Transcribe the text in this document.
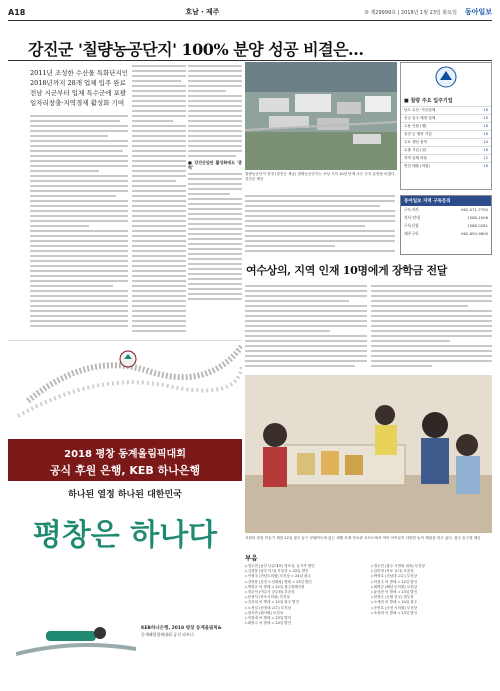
A18	호남・제주	⑤ 제29999호 | 2018년 1월 23일 화요일 동아일보
강진군 '칠량농공단지' 100% 분양 성공 비결은…
2011년 조성한 수산물 특화단지인
2018년까지 28개 업체 입주 완료
전남 시군부터 입체 특수군에 포괄
일자리창출·지역경제 활성화 기여
■ 강진산업단 활성화에도 '총력'
칠량농공단지 전경 (강진군 제공) 칠량농공단지는 조성 시작 10년 만에 모든 부지 분양을 마쳤다. 강진군 제공
■ 칠량 주요 입주기업
남도 수산 ·가공업체	16
신규 입주 예정 업체	15
고용 인원 (명)	18
강진 군 협력 기업	16
주요 생산 품목	14
수출 기업 (곳)	16
지역 업체 비율	12
연간 매출 (억원)	16
동아일보 지역 구독문의
구도지사	062-571-7700
지사 안내	1588-1006
구독신청	1588-0281
제주구독	062-650-9800
여수상의, 지역 인재 10명에게 장학금 전달
지원의 장점 만들기 체험 22일 광주 동구 쿠웨이트에 있는 세월 자재 자료관 마르트에서 여러 아이들이 다양한 놀이 체험을 하고 있다. 광주 동구청 제공
부음
▷정수연 (동부 다큐대표) 빙모상, 유가족 발인
▷김청봉 (남부 이사) 부친상 = 22일 발인
▷이형국 (전남도의원) 모친상 = 24일 광주
▷김영봉 (강진 노인회장) 별세 = 23일 발인
▷박정규 씨 별세 = 22일 광주장례식장
▷정우석 (여수시 공무원) 부친상
▷문형석 (목포시의원) 부친상
▷김선희 씨 별세 = 22일 광주 발인
▷노성일 (순천대 교수) 부친상
▷장호연 (회사원) 모친상
▷이영애 씨 별세 = 23일 발인
▷최영수 씨 별세 = 24일 발인
▷정우진 (광주 시민회 대표) 부친상
▷김미영 (목포 교사) 모친상
▷박성호 (전남대 교수) 부친상
▷이현주 씨 별세 = 22일 발인
▷최명규 (해남 군의원) 모친상
▷윤상현 씨 별세 = 23일 발인
▷한정우 (농협 전무) 빙부상
▷오세현 씨 별세 = 24일 광주
▷송민호 (순천 시의원) 부친상
▷조성희 씨 별세 = 23일 발인
2018 평창 동계올림픽대회
공식 후원 은행, KEB 하나은행
하나된 열정 하나된 대한민국
평창은 하나다
KEB하나은행, 2018 평창 동계올림픽&
동계패럴림픽대회 공식 파트너
